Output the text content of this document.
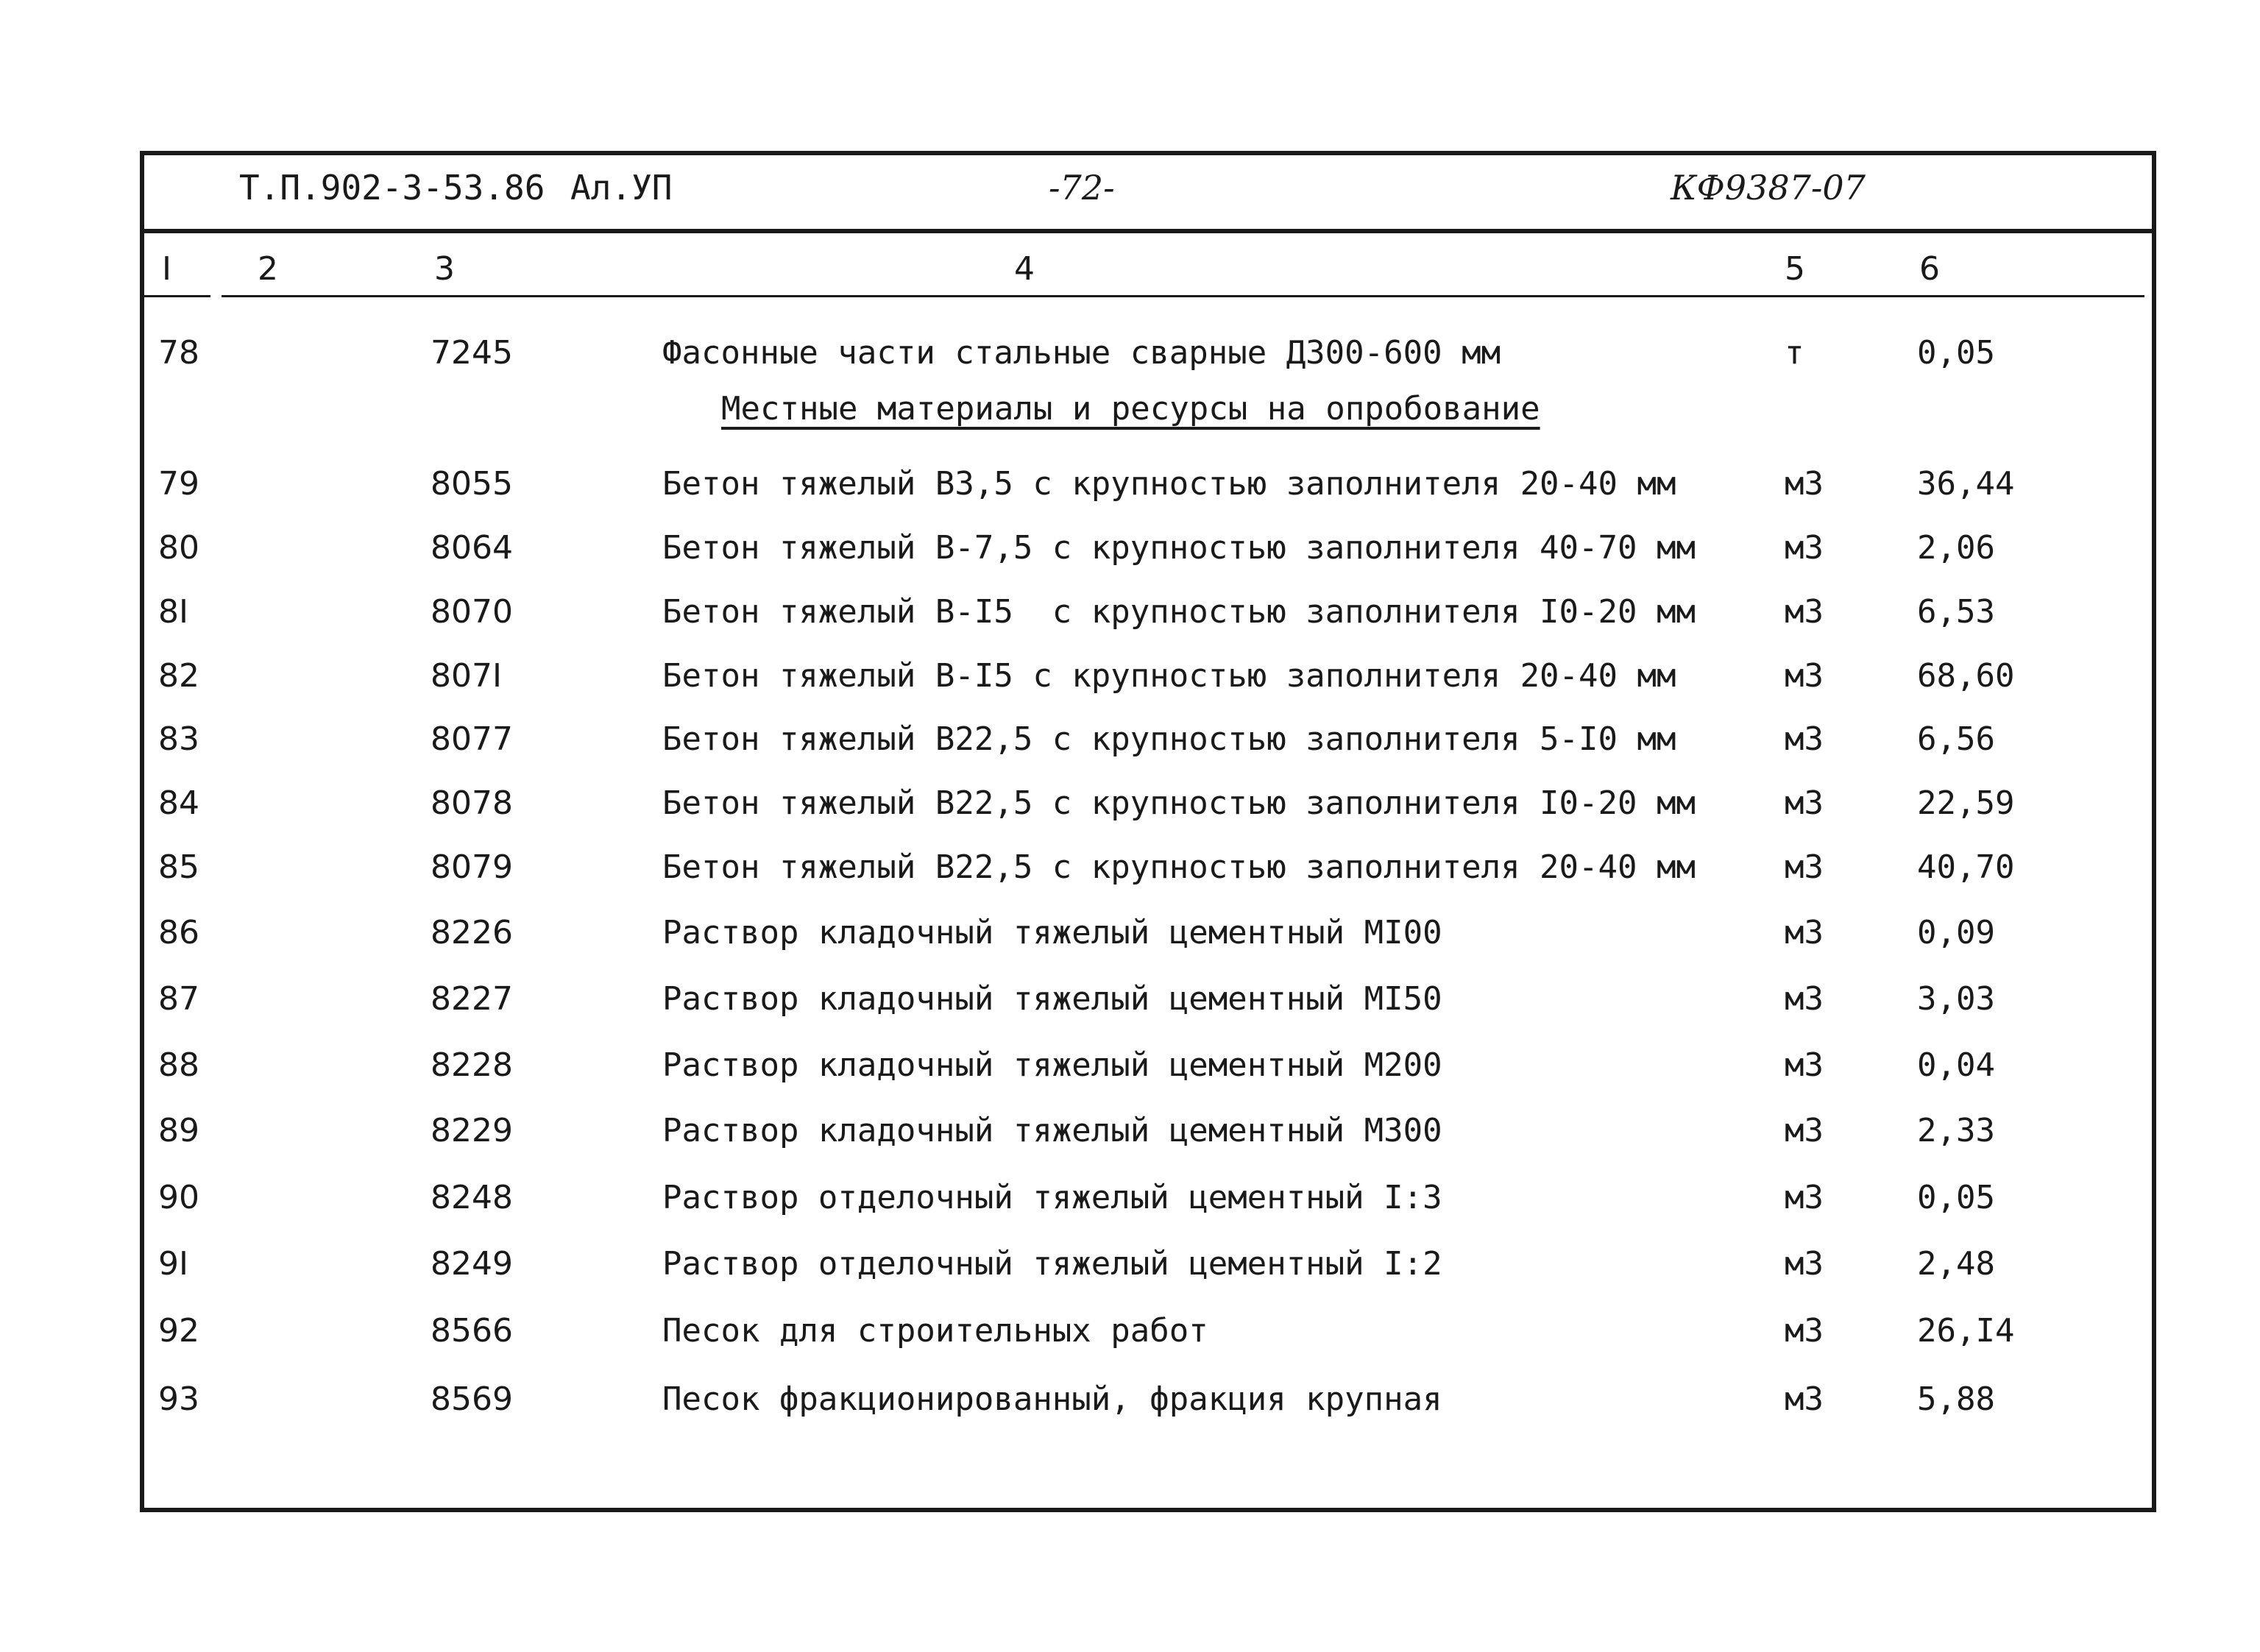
Т.П.902-3-53.86 Ал.УП	-72-	КФ9387-07
I	2	3	4	5	6
Местные материалы и ресурсы на опробование
78	7245	Фасонные части стальные сварные Д300-600 мм	т	0,05
79	8055	Бетон тяжелый В3,5 с крупностью заполнителя 20-40 мм	м3	36,44
80	8064	Бетон тяжелый В-7,5 с крупностью заполнителя 40-70 мм	м3	2,06
8I	8070	Бетон тяжелый В-I5  с крупностью заполнителя I0-20 мм	м3	6,53
82	807I	Бетон тяжелый В-I5 с крупностью заполнителя 20-40 мм	м3	68,60
83	8077	Бетон тяжелый В22,5 с крупностью заполнителя 5-I0 мм	м3	6,56
84	8078	Бетон тяжелый В22,5 с крупностью заполнителя I0-20 мм	м3	22,59
85	8079	Бетон тяжелый В22,5 с крупностью заполнителя 20-40 мм	м3	40,70
86	8226	Раствор кладочный тяжелый цементный МI00	м3	0,09
87	8227	Раствор кладочный тяжелый цементный МI50	м3	3,03
88	8228	Раствор кладочный тяжелый цементный М200	м3	0,04
89	8229	Раствор кладочный тяжелый цементный М300	м3	2,33
90	8248	Раствор отделочный тяжелый цементный I:3	м3	0,05
9I	8249	Раствор отделочный тяжелый цементный I:2	м3	2,48
92	8566	Песок для строительных работ	м3	26,I4
93	8569	Песок фракционированный, фракция крупная	м3	5,88
